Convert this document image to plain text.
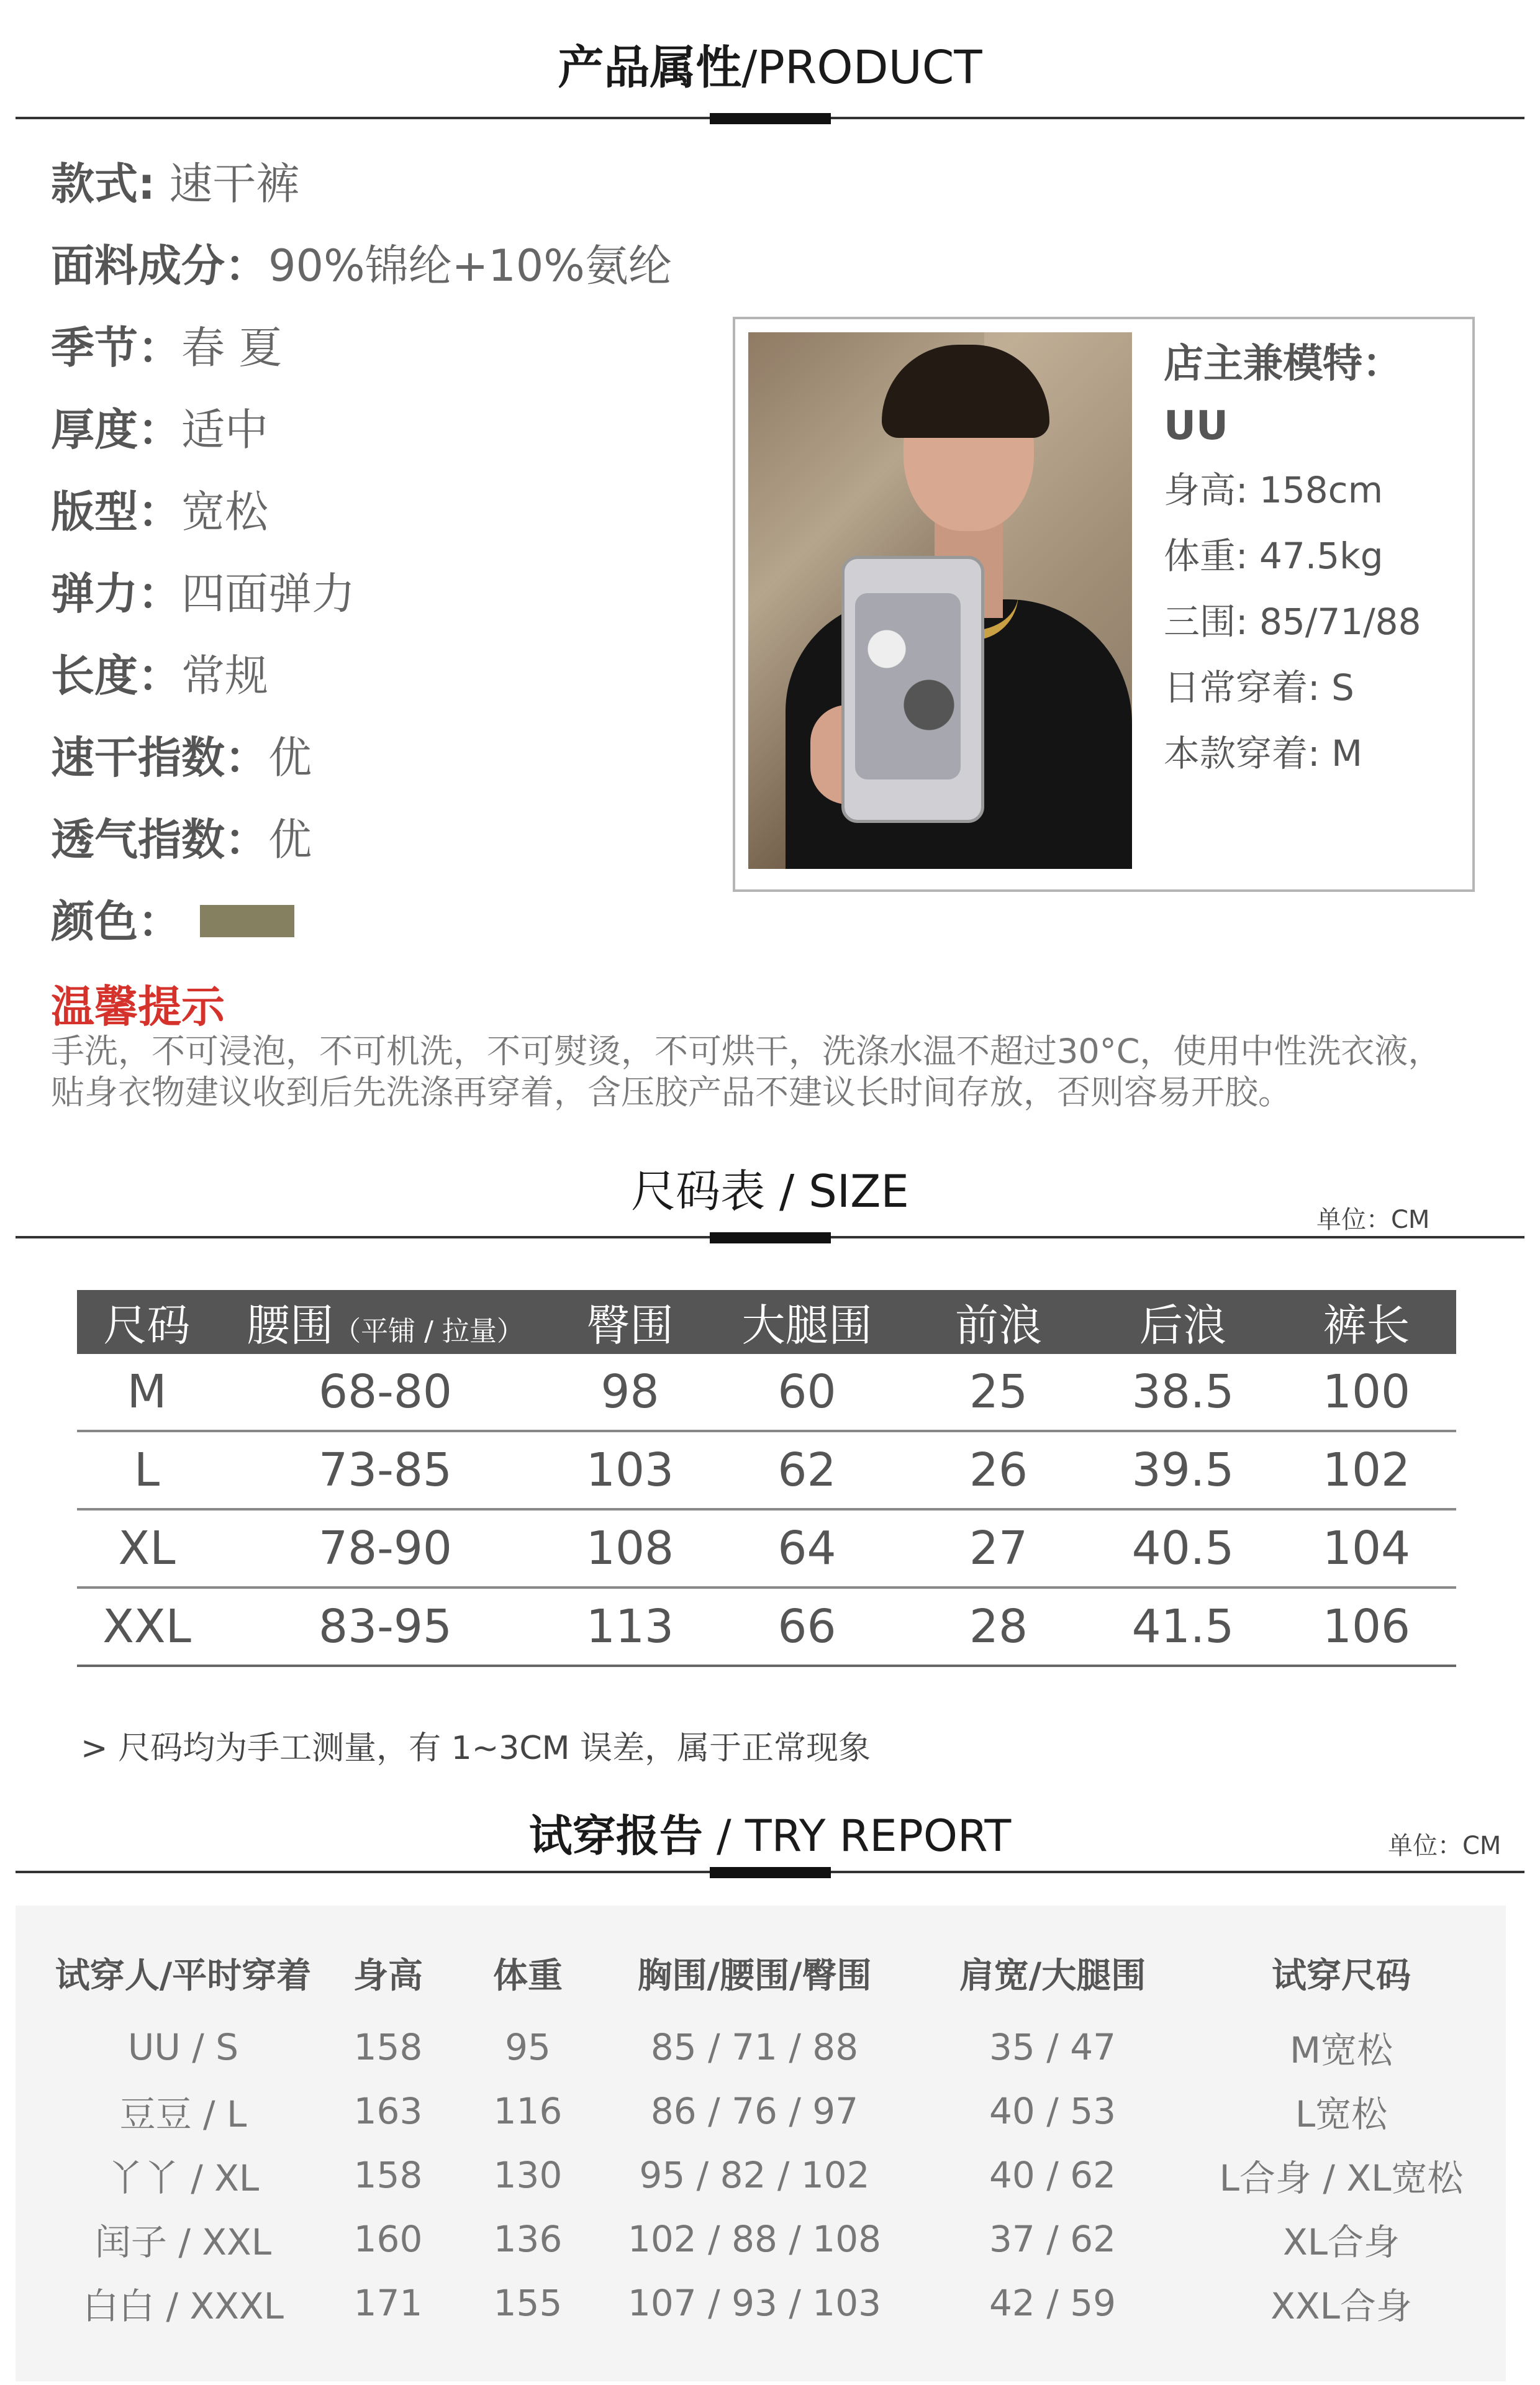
产品属性/PRODUCT
款式: 速干裤
面料成分：90%锦纶+10%氨纶
季节：春 夏
厚度：适中
版型：宽松
弹力：四面弹力
长度：常规
速干指数：优
透气指数：优
颜色：
店主兼模特：
UU
身高: 158cm
体重: 47.5kg
三围: 85/71/88
日常穿着: S
本款穿着: M
温馨提示
手洗，不可浸泡，不可机洗，不可熨烫，不可烘干，洗涤水温不超过30°C，使用中性洗衣液，
贴身衣物建议收到后先洗涤再穿着，含压胶产品不建议长时间存放，否则容易开胶。
尺码表 / SIZE
单位：CM
尺码	腰围（平铺 / 拉量）	臀围	大腿围	前浪	后浪	裤长
M	68-80	98	60	25	38.5	100
L	73-85	103	62	26	39.5	102
XL	78-90	108	64	27	40.5	104
XXL	83-95	113	66	28	41.5	106
> 尺码均为手工测量，有 1~3CM 误差，属于正常现象
试穿报告 / TRY REPORT	单位：CM
试穿人/平时穿着	身高	体重	胸围/腰围/臀围	肩宽/大腿围	试穿尺码
UU / S	158	95	85 / 71 / 88	35 / 47	M宽松
豆豆 / L	163	116	86 / 76 / 97	40 / 53	L宽松
丫丫 / XL	158	130	95 / 82 / 102	40 / 62	L合身 / XL宽松
闰子 / XXL	160	136	102 / 88 / 108	37 / 62	XL合身
白白 / XXXL	171	155	107 / 93 / 103	42 / 59	XXL合身
